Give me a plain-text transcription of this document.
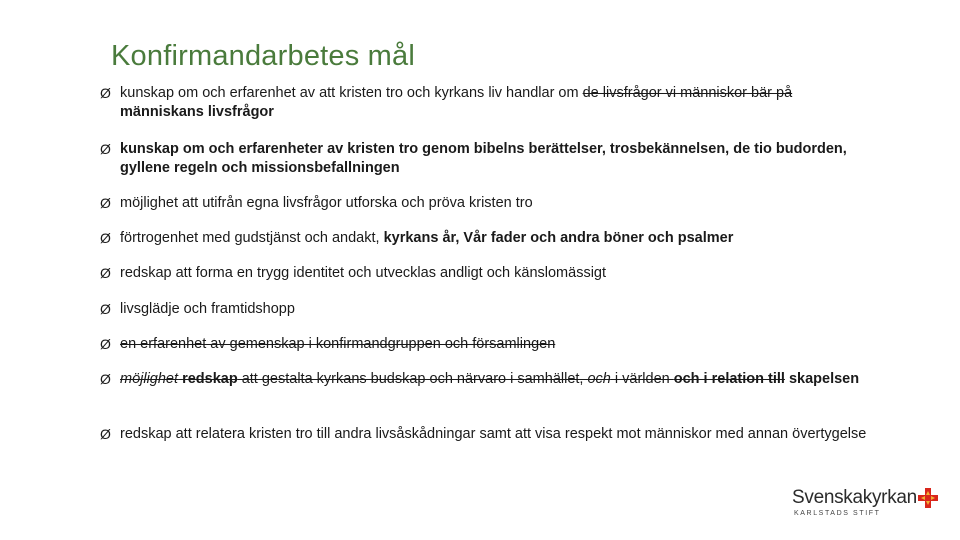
Konfirmandarbetes mål
Ø kunskap om och erfarenhet av att kristen tro och kyrkans liv handlar om de livsfrågor vi människor bär på människans livsfrågor
Ø kunskap om och erfarenheter av kristen tro genom bibelns berättelser, trosbekännelsen, de tio budorden, gyllene regeln och missionsbefallningen
Ø möjlighet att utifrån egna livsfrågor utforska och pröva kristen tro
Ø förtrogenhet med gudstjänst och andakt, kyrkans år, Vår fader och andra böner och psalmer
Ø redskap att forma en trygg identitet och utvecklas andligt och känslomässigt
Ø livsglädje och framtidshopp
Ø en erfarenhet av gemenskap i konfirmandgruppen och församlingen
Ø möjlighet redskap att gestalta kyrkans budskap och närvaro i samhället, och i världen och i relation till skapelsen
Ø redskap att relatera kristen tro till andra livsåskådningar samt att visa respekt mot människor med annan övertygelse
Svenskakyrkan
KARLSTADS STIFT
